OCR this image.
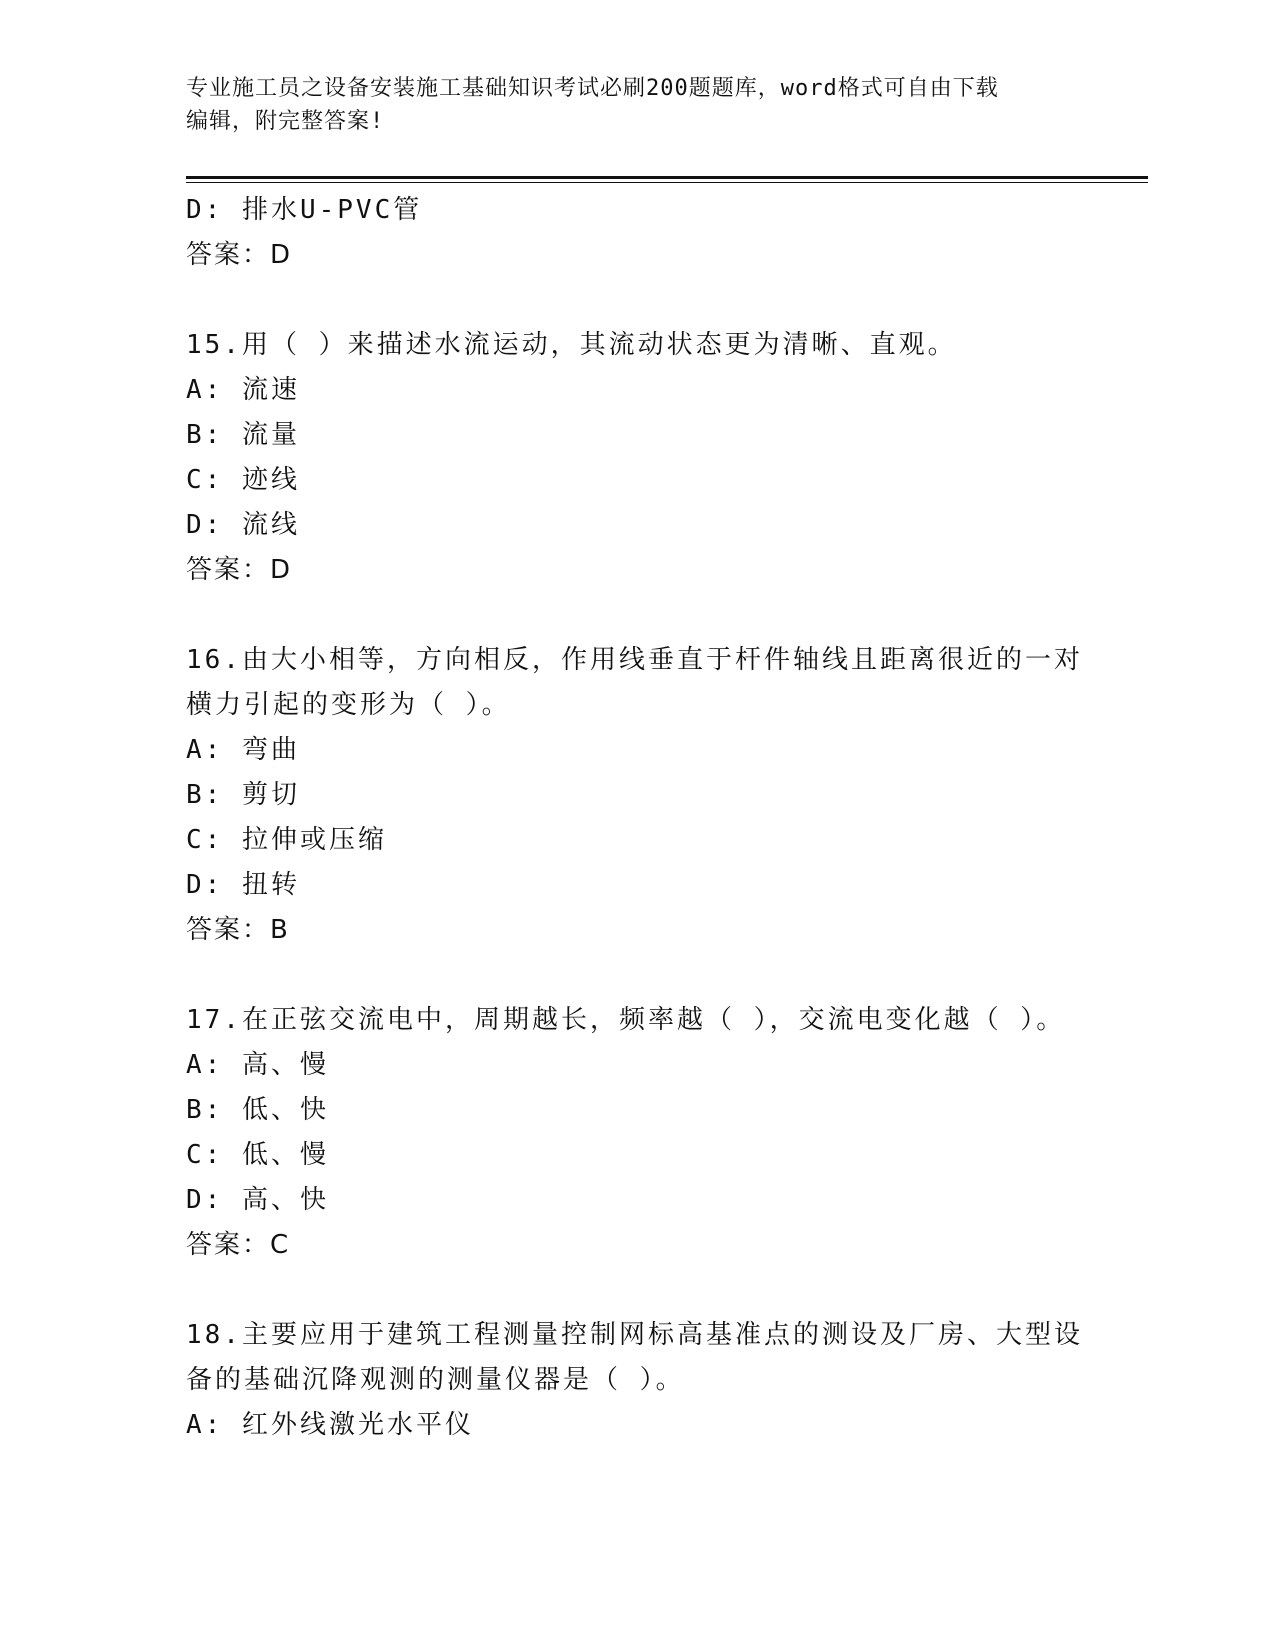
专业施工员之设备安装施工基础知识考试必刷200题题库，word格式可自由下载
编辑，附完整答案!
D: 排水U-PVC管
答案：D
15.用（ ）来描述水流运动，其流动状态更为清晰、直观。
A: 流速
B: 流量
C: 迹线
D: 流线
答案：D
16.由大小相等，方向相反，作用线垂直于杆件轴线且距离很近的一对
横力引起的变形为（ ）。
A: 弯曲
B: 剪切
C: 拉伸或压缩
D: 扭转
答案：B
17.在正弦交流电中，周期越长，频率越（ ），交流电变化越（ ）。
A: 高、慢
B: 低、快
C: 低、慢
D: 高、快
答案：C
18.主要应用于建筑工程测量控制网标高基准点的测设及厂房、大型设
备的基础沉降观测的测量仪器是（ ）。
A: 红外线激光水平仪
